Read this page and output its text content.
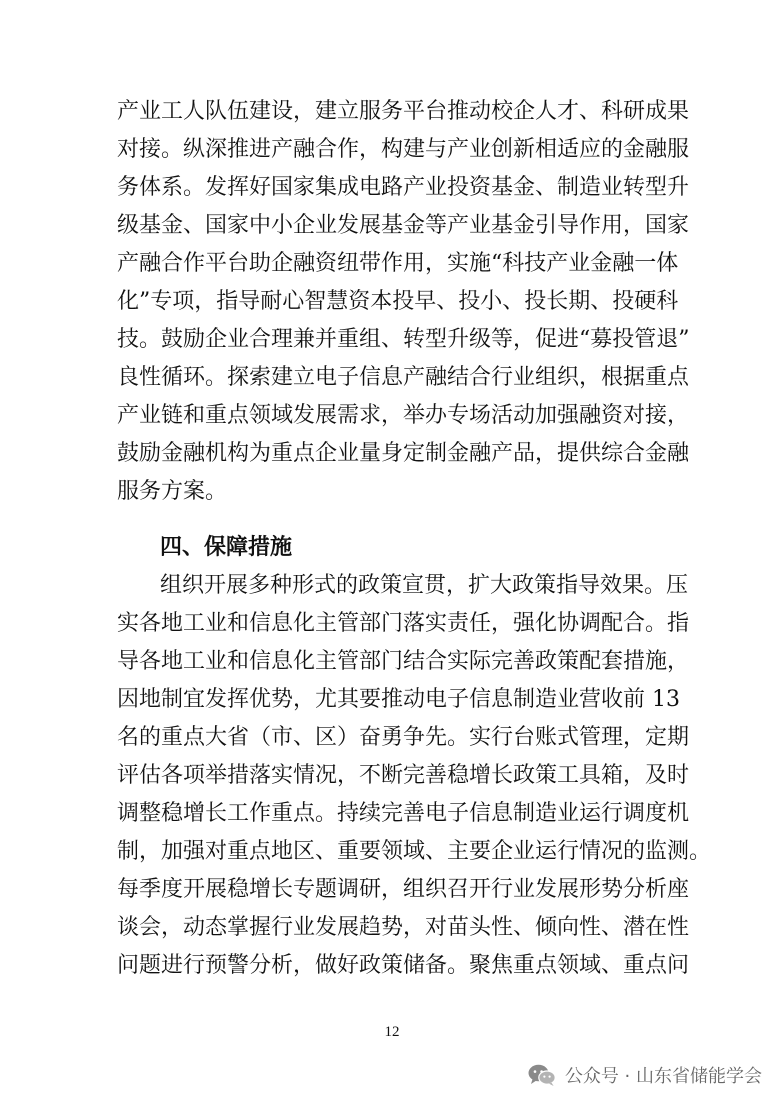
产业工人队伍建设，建立服务平台推动校企人才、科研成果
对接。纵深推进产融合作，构建与产业创新相适应的金融服
务体系。发挥好国家集成电路产业投资基金、制造业转型升
级基金、国家中小企业发展基金等产业基金引导作用，国家
产融合作平台助企融资纽带作用，实施“科技产业金融一体
化”专项，指导耐心智慧资本投早、投小、投长期、投硬科
技。鼓励企业合理兼并重组、转型升级等，促进“募投管退”
良性循环。探索建立电子信息产融结合行业组织，根据重点
产业链和重点领域发展需求，举办专场活动加强融资对接，
鼓励金融机构为重点企业量身定制金融产品，提供综合金融
服务方案。
四、保障措施
组织开展多种形式的政策宣贯，扩大政策指导效果。压
实各地工业和信息化主管部门落实责任，强化协调配合。指
导各地工业和信息化主管部门结合实际完善政策配套措施，
因地制宜发挥优势，尤其要推动电子信息制造业营收前 13
名的重点大省（市、区）奋勇争先。实行台账式管理，定期
评估各项举措落实情况，不断完善稳增长政策工具箱，及时
调整稳增长工作重点。持续完善电子信息制造业运行调度机
制，加强对重点地区、重要领域、主要企业运行情况的监测。
每季度开展稳增长专题调研，组织召开行业发展形势分析座
谈会，动态掌握行业发展趋势，对苗头性、倾向性、潜在性
问题进行预警分析，做好政策储备。聚焦重点领域、重点问
12
公众号 · 山东省储能学会
